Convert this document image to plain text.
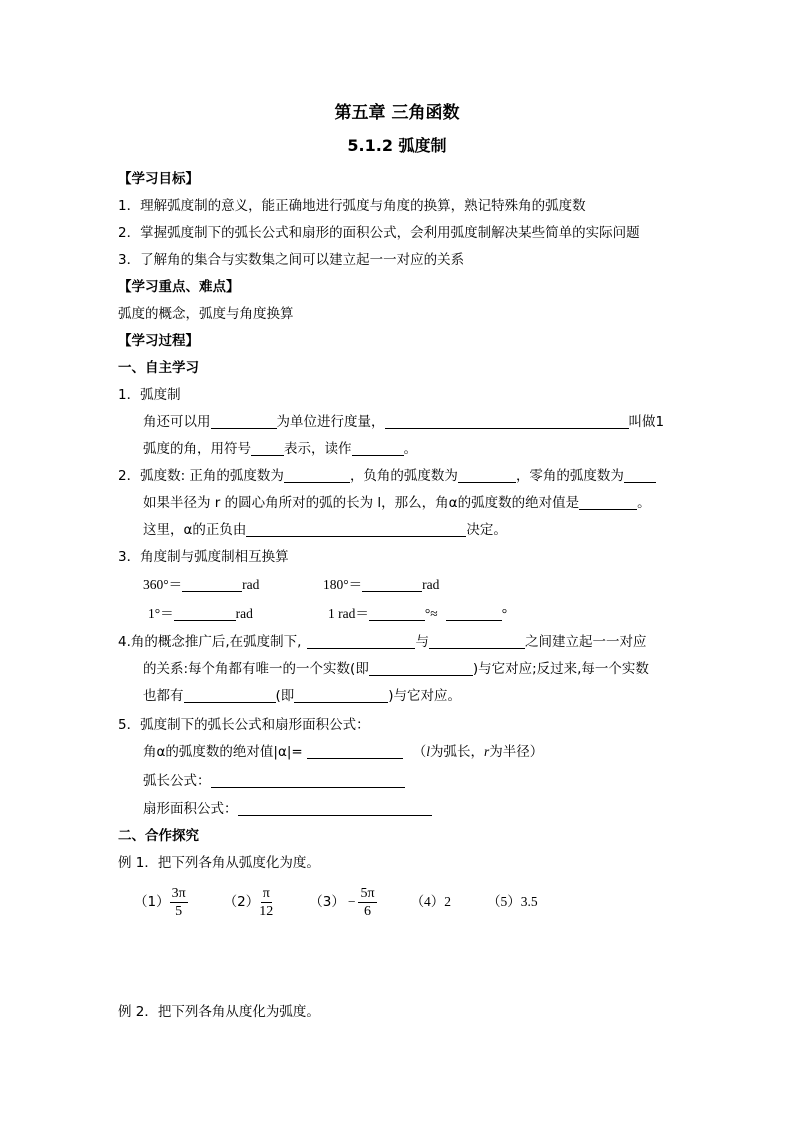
第五章 三角函数
5.1.2 弧度制
【学习目标】
1．理解弧度制的意义，能正确地进行弧度与角度的换算，熟记特殊角的弧度数
2．掌握弧度制下的弧长公式和扇形的面积公式，会利用弧度制解决某些简单的实际问题
3．了解角的集合与实数集之间可以建立起一一对应的关系
【学习重点、难点】
弧度的概念，弧度与角度换算
【学习过程】
一、自主学习
1．弧度制
角还可以用	为单位进行度量，	叫做1
弧度的角，用符号 表示，读作	。
2．弧度数: 正角的弧度数为	，负角的弧度数为	，零角的弧度数为
如果半径为 r 的圆心角所对的弧的长为 l，那么，角α的弧度数的绝对值是	。
这里，α的正负由	决定。
3．角度制与弧度制相互换算
360°＝	rad	180°＝	rad
1°＝	rad	1 rad＝	°≈	°
4.角的概念推广后,在弧度制下,	与	之间建立起一一对应
的关系:每个角都有唯一的一个实数(即	)与它对应;反过来,每一个实数
也都有	(即	)与它对应。
5．弧度制下的弧长公式和扇形面积公式：
角α的弧度数的绝对值|α|=	（l为弧长，r为半径）
弧长公式：
扇形面积公式：
二、合作探究
例 1．把下列各角从弧度化为度。
$(1) \frac{3\pi}{5}$	$(2) \frac{\pi}{12}$	$(3) - \frac{5\pi}{6}$	（4）2	（5）3.5
例 2．把下列各角从度化为弧度。
